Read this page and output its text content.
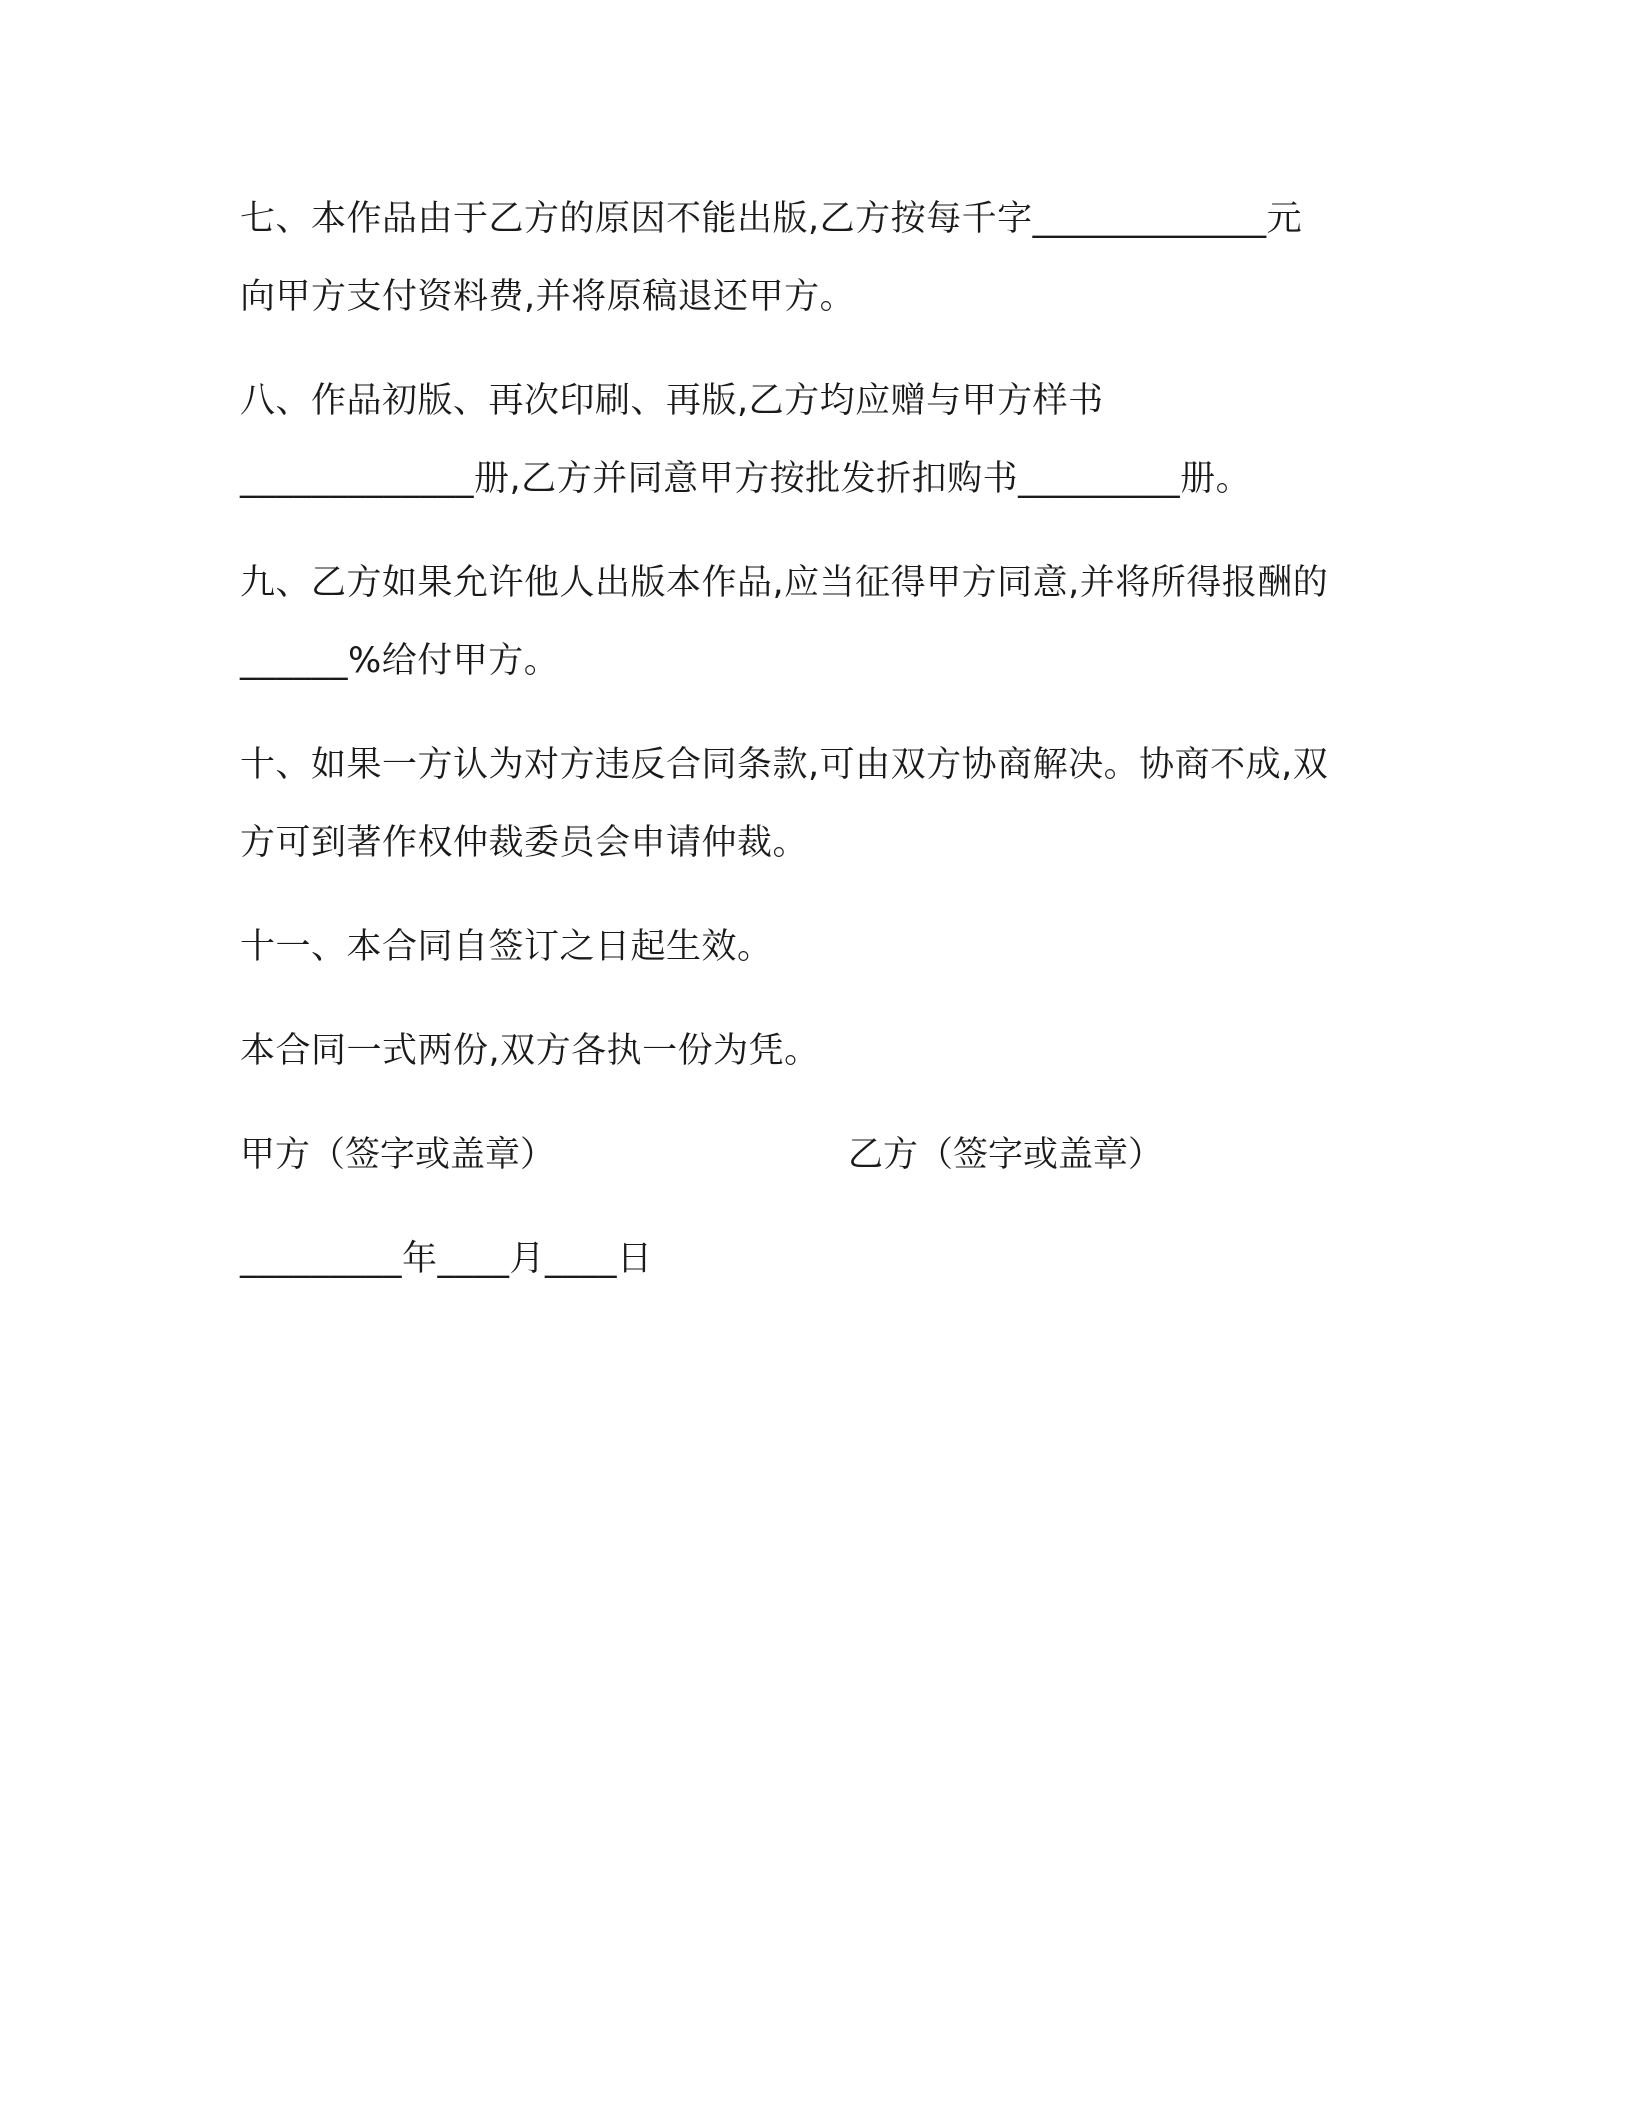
七、本作品由于乙方的原因不能出版,乙方按每千字_____________元
向甲方支付资料费,并将原稿退还甲方。
八、作品初版、再次印刷、再版,乙方均应赠与甲方样书
_____________册,乙方并同意甲方按批发折扣购书_________册。
九、乙方如果允许他人出版本作品,应当征得甲方同意,并将所得报酬的
______%给付甲方。
十、如果一方认为对方违反合同条款,可由双方协商解决。协商不成,双
方可到著作权仲裁委员会申请仲裁。
十一、本合同自签订之日起生效。
本合同一式两份,双方各执一份为凭。
甲方（签字或盖章）	乙方（签字或盖章）
_________年____月____日
